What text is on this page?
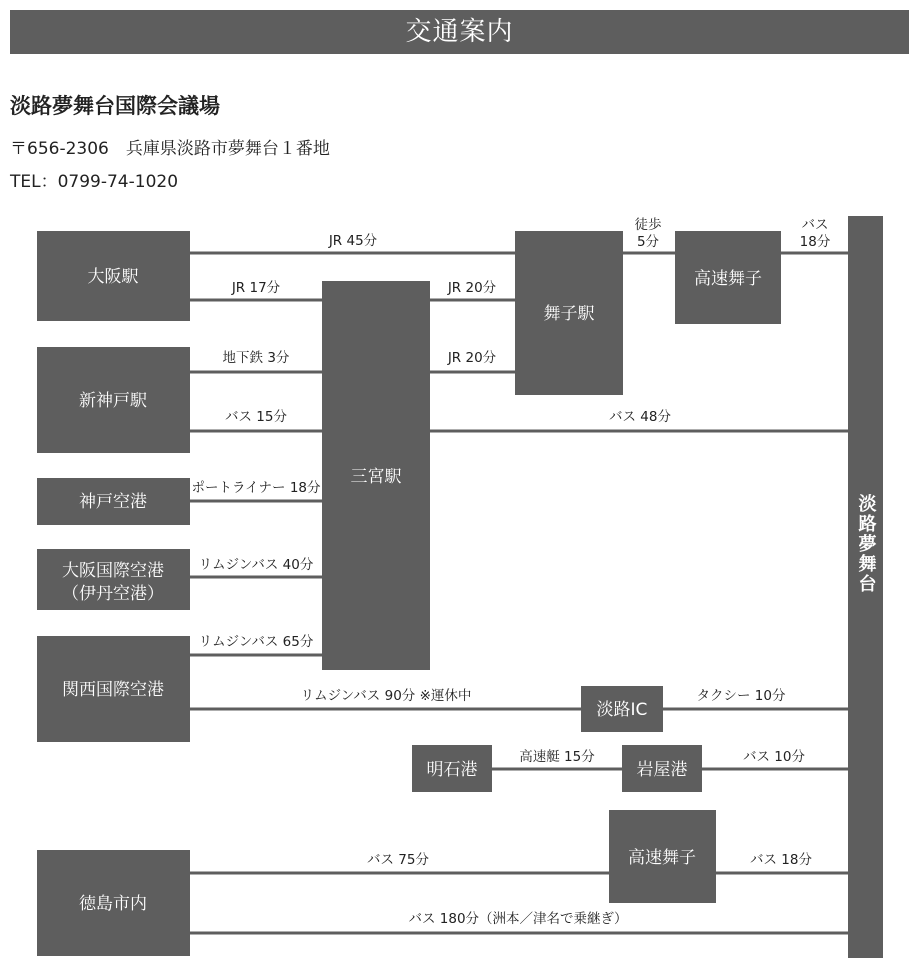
交通案内
淡路夢舞台国際会議場
〒656-2306　兵庫県淡路市夢舞台１番地
TEL：0799-74-1020
大阪駅
新神戸駅
神戸空港
大阪国際空港
（伊丹空港）
関西国際空港
三宮駅
舞子駅
高速舞子
淡路夢舞台
淡路IC
明石港	岩屋港
高速舞子
徳島市内
JR 45分
JR 17分	JR 20分
JR 20分
徒歩
5分
バス
18分
地下鉄 3分
バス 15分	バス 48分
ポートライナー 18分
リムジンバス 40分
リムジンバス 65分
リムジンバス 90分 ※運休中	タクシー 10分
高速艇 15分	バス 10分
バス 75分	バス 18分
バス 180分（洲本／津名で乗継ぎ）
